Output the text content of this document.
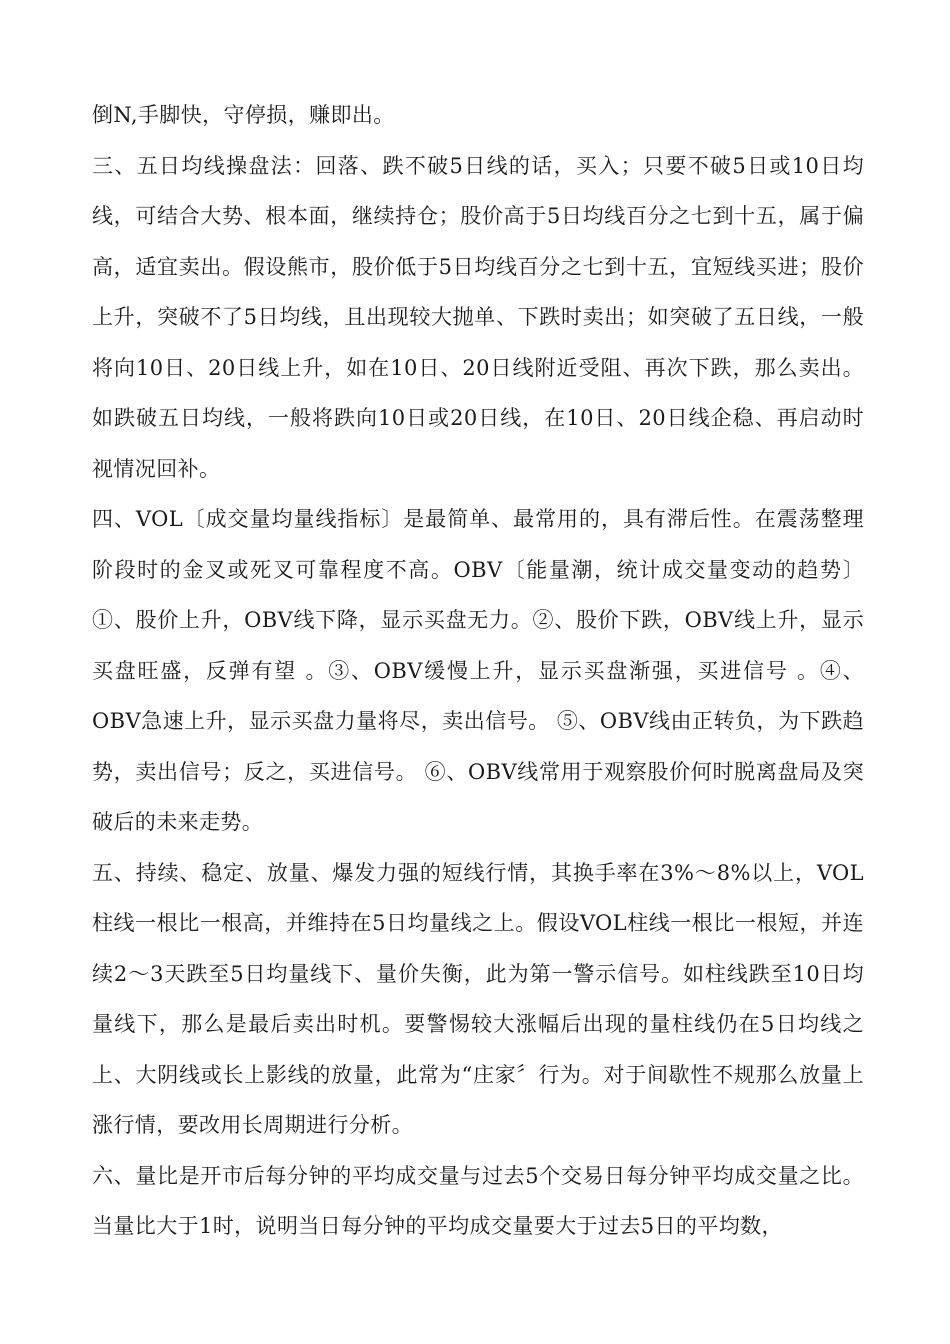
倒N,手脚快，守停损，赚即出。

三、五日均线操盘法：回落、跌不破5日线的话，买入；只要不破5日或10日均线，可结合大势、根本面，继续持仓；股价高于5日均线百分之七到十五，属于偏高，适宜卖出。假设熊市，股价低于5日均线百分之七到十五，宜短线买进；股价上升，突破不了5日均线，且出现较大抛单、下跌时卖出；如突破了五日线，一般将向10日、20日线上升，如在10日、20日线附近受阻、再次下跌，那么卖出。如跌破五日均线，一般将跌向10日或20日线，在10日、20日线企稳、再启动时视情况回补。

四、VOL〔成交量均量线指标〕是最简单、最常用的，具有滞后性。在震荡整理阶段时的金叉或死叉可靠程度不高。OBV〔能量潮，统计成交量变动的趋势〕①、股价上升，OBV线下降，显示买盘无力。②、股价下跌，OBV线上升，显示买盘旺盛，反弹有望 。③、OBV缓慢上升，显示买盘渐强，买进信号 。④、OBV急速上升，显示买盘力量将尽，卖出信号。 ⑤、OBV线由正转负，为下跌趋势，卖出信号；反之，买进信号。 ⑥、OBV线常用于观察股价何时脱离盘局及突破后的未来走势。

五、持续、稳定、放量、爆发力强的短线行情，其换手率在3%～8%以上，VOL柱线一根比一根高，并维持在5日均量线之上。假设VOL柱线一根比一根短，并连续2～3天跌至5日均量线下、量价失衡，此为第一警示信号。如柱线跌至10日均量线下，那么是最后卖出时机。要警惕较大涨幅后出现的量柱线仍在5日均线之上、大阴线或长上影线的放量，此常为“庄家〞行为。对于间歇性不规那么放量上涨行情，要改用长周期进行分析。

六、量比是开市后每分钟的平均成交量与过去5个交易日每分钟平均成交量之比。当量比大于1时，说明当日每分钟的平均成交量要大于过去5日的平均数，
